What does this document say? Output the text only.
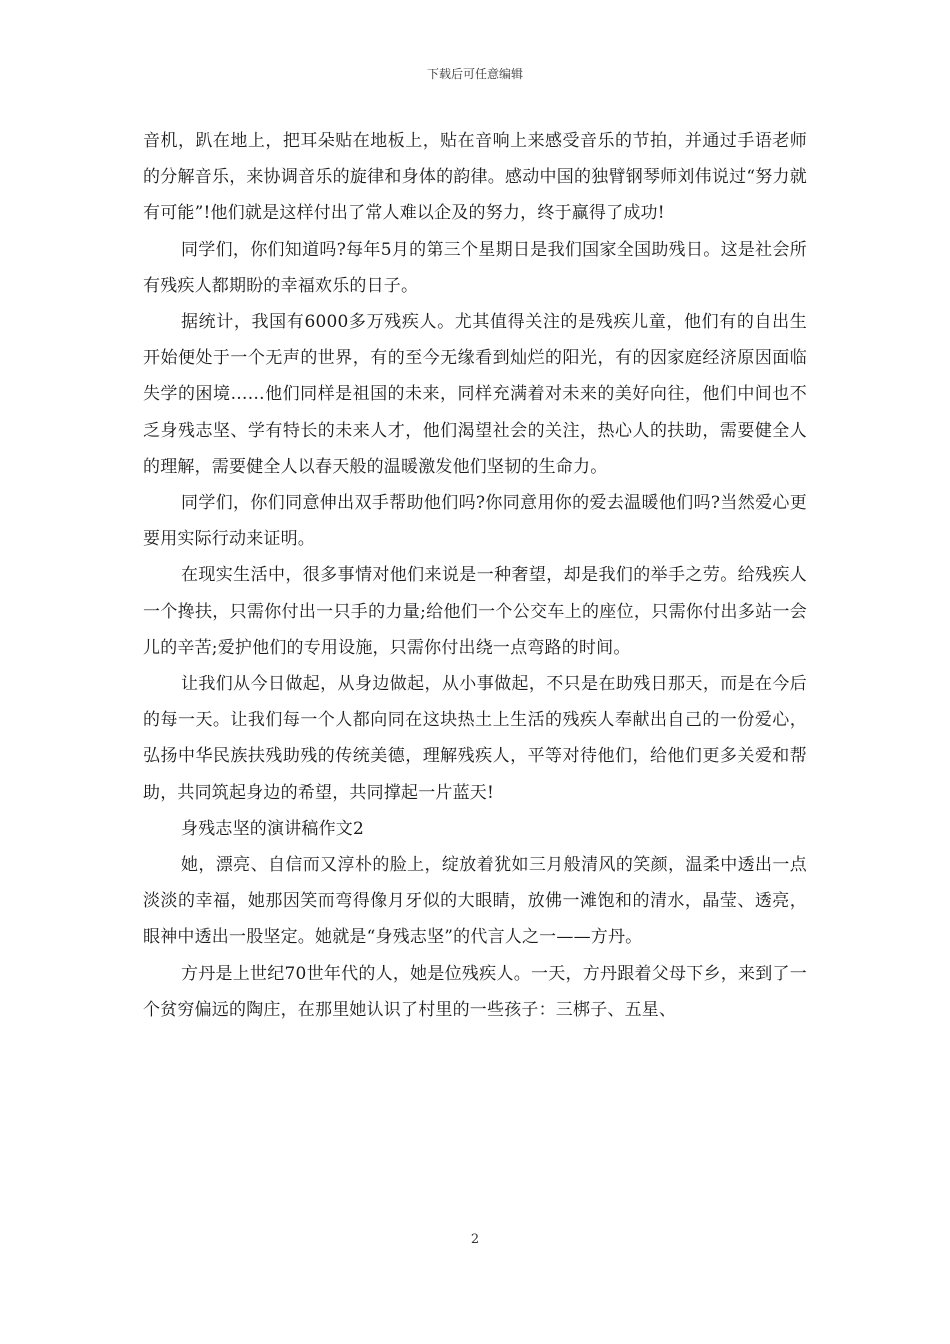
下载后可任意编辑

音机，趴在地上，把耳朵贴在地板上，贴在音响上来感受音乐的节拍，并通过手语老师的分解音乐，来协调音乐的旋律和身体的韵律。感动中国的独臂钢琴师刘伟说过“努力就有可能”!他们就是这样付出了常人难以企及的努力，终于赢得了成功!

同学们，你们知道吗?每年5月的第三个星期日是我们国家全国助残日。这是社会所有残疾人都期盼的幸福欢乐的日子。

据统计，我国有6000多万残疾人。尤其值得关注的是残疾儿童，他们有的自出生开始便处于一个无声的世界，有的至今无缘看到灿烂的阳光，有的因家庭经济原因面临失学的困境……他们同样是祖国的未来，同样充满着对未来的美好向往，他们中间也不乏身残志坚、学有特长的未来人才，他们渴望社会的关注，热心人的扶助，需要健全人的理解，需要健全人以春天般的温暖激发他们坚韧的生命力。

同学们，你们同意伸出双手帮助他们吗?你同意用你的爱去温暖他们吗?当然爱心更要用实际行动来证明。

在现实生活中，很多事情对他们来说是一种奢望，却是我们的举手之劳。给残疾人一个搀扶，只需你付出一只手的力量;给他们一个公交车上的座位，只需你付出多站一会儿的辛苦;爱护他们的专用设施，只需你付出绕一点弯路的时间。

让我们从今日做起，从身边做起，从小事做起，不只是在助残日那天，而是在今后的每一天。让我们每一个人都向同在这块热土上生活的残疾人奉献出自己的一份爱心，弘扬中华民族扶残助残的传统美德，理解残疾人，平等对待他们，给他们更多关爱和帮助，共同筑起身边的希望，共同撑起一片蓝天!

身残志坚的演讲稿作文2

她，漂亮、自信而又淳朴的脸上，绽放着犹如三月般清风的笑颜，温柔中透出一点淡淡的幸福，她那因笑而弯得像月牙似的大眼睛，放佛一滩饱和的清水，晶莹、透亮，眼神中透出一股坚定。她就是“身残志坚”的代言人之一——方丹。

方丹是上世纪70世年代的人，她是位残疾人。一天，方丹跟着父母下乡，来到了一个贫穷偏远的陶庄，在那里她认识了村里的一些孩子：三梆子、五星、

2
